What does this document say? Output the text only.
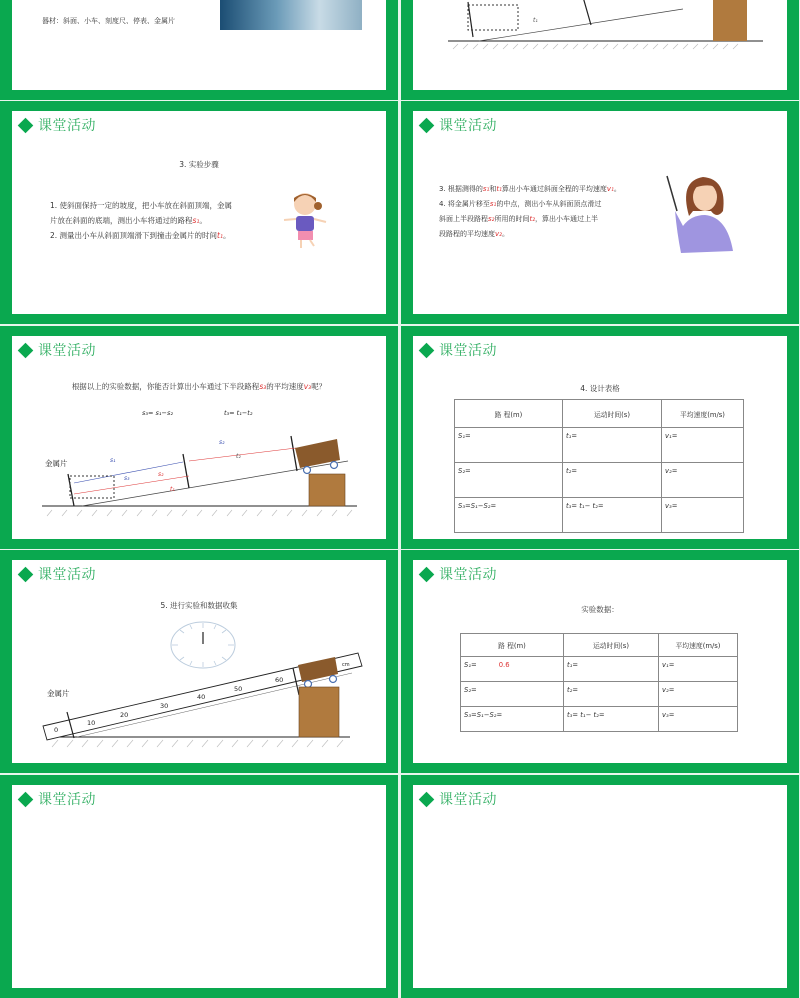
器材：斜面、小车、刻度尺、停表、金属片	t₁
课堂活动
3. 实验步骤
1. 使斜面保持一定的坡度，把小车放在斜面顶端，金属
片放在斜面的底端，测出小车将通过的路程s₁。
2. 测量出小车从斜面顶端滑下到撞击金属片的时间t₁。
课堂活动
3. 根据测得的s₁和t₁算出小车通过斜面全程的平均速度v₁。
4. 将金属片移至s₁的中点，测出小车从斜面顶点滑过
斜面上半段路程s₂所用的时间t₂，算出小车通过上半
段路程的平均速度v₂。
课堂活动
根据以上的实验数据，你能否计算出小车通过下半段路程s₃的平均速度v₃呢？
s₃= s₁−s₂	t₃= t₁−t₂
金属片	s₁
s₃
s₂
t₁
s₂
t₂
课堂活动
4. 设计表格
路 程(m)	运动时间(s)	平均速度(m/s)
S₁=	t₁=	v₁=
S₂=	t₂=	v₂=
S₃=S₁−S₂=	t₃= t₁− t₂=	v₃=
课堂活动
5. 进行实验和数据收集
金属片
0
10
20
30
40
50
60
cm
课堂活动
实验数据：
路 程(m)	运动时间(s)	平均速度(m/s)
S₁= 0.6	t₁=	v₁=
S₂=	t₂=	v₂=
S₃=S₁−S₂=	t₃= t₁− t₂=	v₃=
课堂活动	课堂活动
